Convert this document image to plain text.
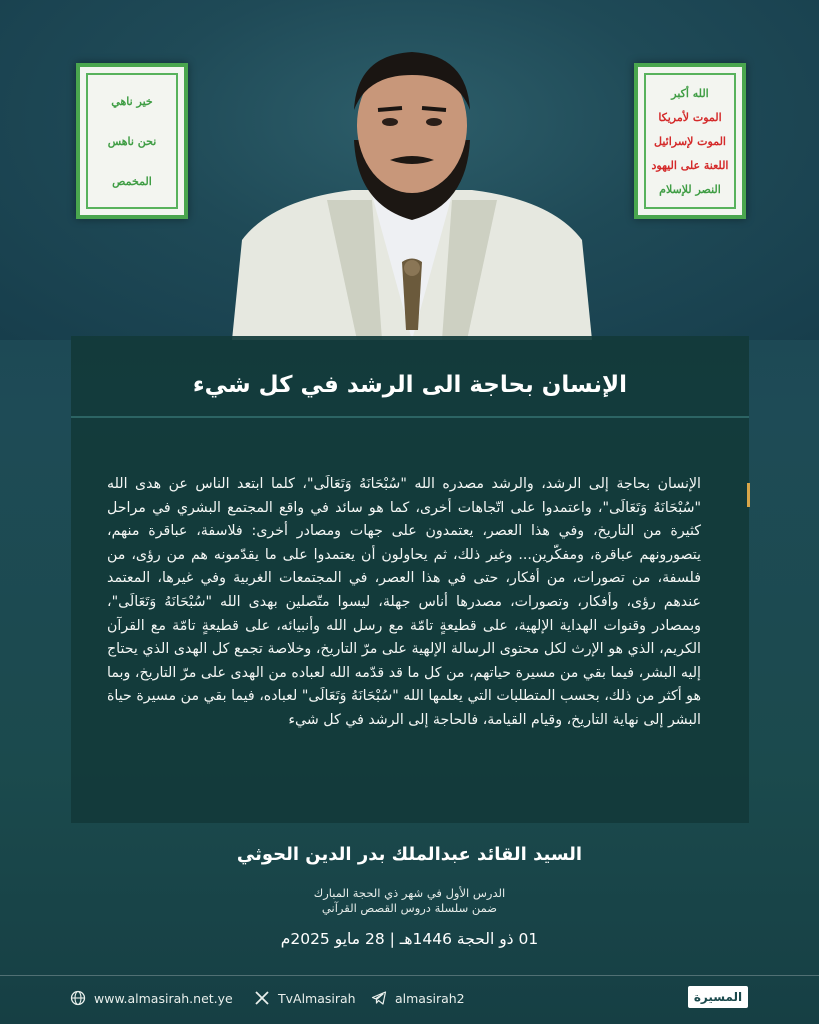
خير ناهي
نحن ناهس
المخمص
الله أكبر
الموت لأمريكا
الموت لإسرائيل
اللعنة على اليهود
النصر للإسلام
الإنسان بحاجة الى الرشد في كل شيء
الإنسان بحاجة إلى الرشد، والرشد مصدره الله "سُبْحَانَهُ وَتَعَالَى"، كلما ابتعد الناس عن هدى الله "سُبْحَانَهُ وَتَعَالَى"، واعتمدوا على اتّجاهات أخرى، كما هو سائد في واقع المجتمع البشري في مراحل كثيرة من التاريخ، وفي هذا العصر، يعتمدون على جهات ومصادر أخرى: فلاسفة، عباقرة منهم، يتصورونهم عباقرة، ومفكّرين... وغير ذلك، ثم يحاولون أن يعتمدوا على ما يقدّمونه هم من رؤى، من فلسفة، من تصورات، من أفكار، حتى في هذا العصر، في المجتمعات الغربية وفي غيرها، المعتمد عندهم رؤى، وأفكار، وتصورات، مصدرها أناس جهلة، ليسوا متّصلين بهدى الله "سُبْحَانَهُ وَتَعَالَى"، وبمصادر وقنوات الهداية الإلهية، على قطيعةٍ تامّة مع رسل الله وأنبيائه، على قطيعةٍ تامّة مع القرآن الكريم، الذي هو الإرث لكل محتوى الرسالة الإلهية على مرّ التاريخ، وخلاصة تجمع كل الهدى الذي يحتاج إليه البشر، فيما بقي من مسيرة حياتهم، من كل ما قد قدّمه الله لعباده من الهدى على مرّ التاريخ، وبما هو أكثر من ذلك، بحسب المتطلبات التي يعلمها الله "سُبْحَانَهُ وَتَعَالَى" لعباده، فيما بقي من مسيرة حياة البشر إلى نهاية التاريخ، وقيام القيامة، فالحاجة إلى الرشد في كل شيء
السيد القائد عبدالملك بدر الدين الحوثي
الدرس الأول في شهر ذي الحجة المبارك
ضمن سلسلة دروس القصص القرآني
01 ذو الحجة 1446هـ | 28 مايو 2025م
www.almasirah.net.ye	TvAlmasirah	almasirah2	المسيرة
